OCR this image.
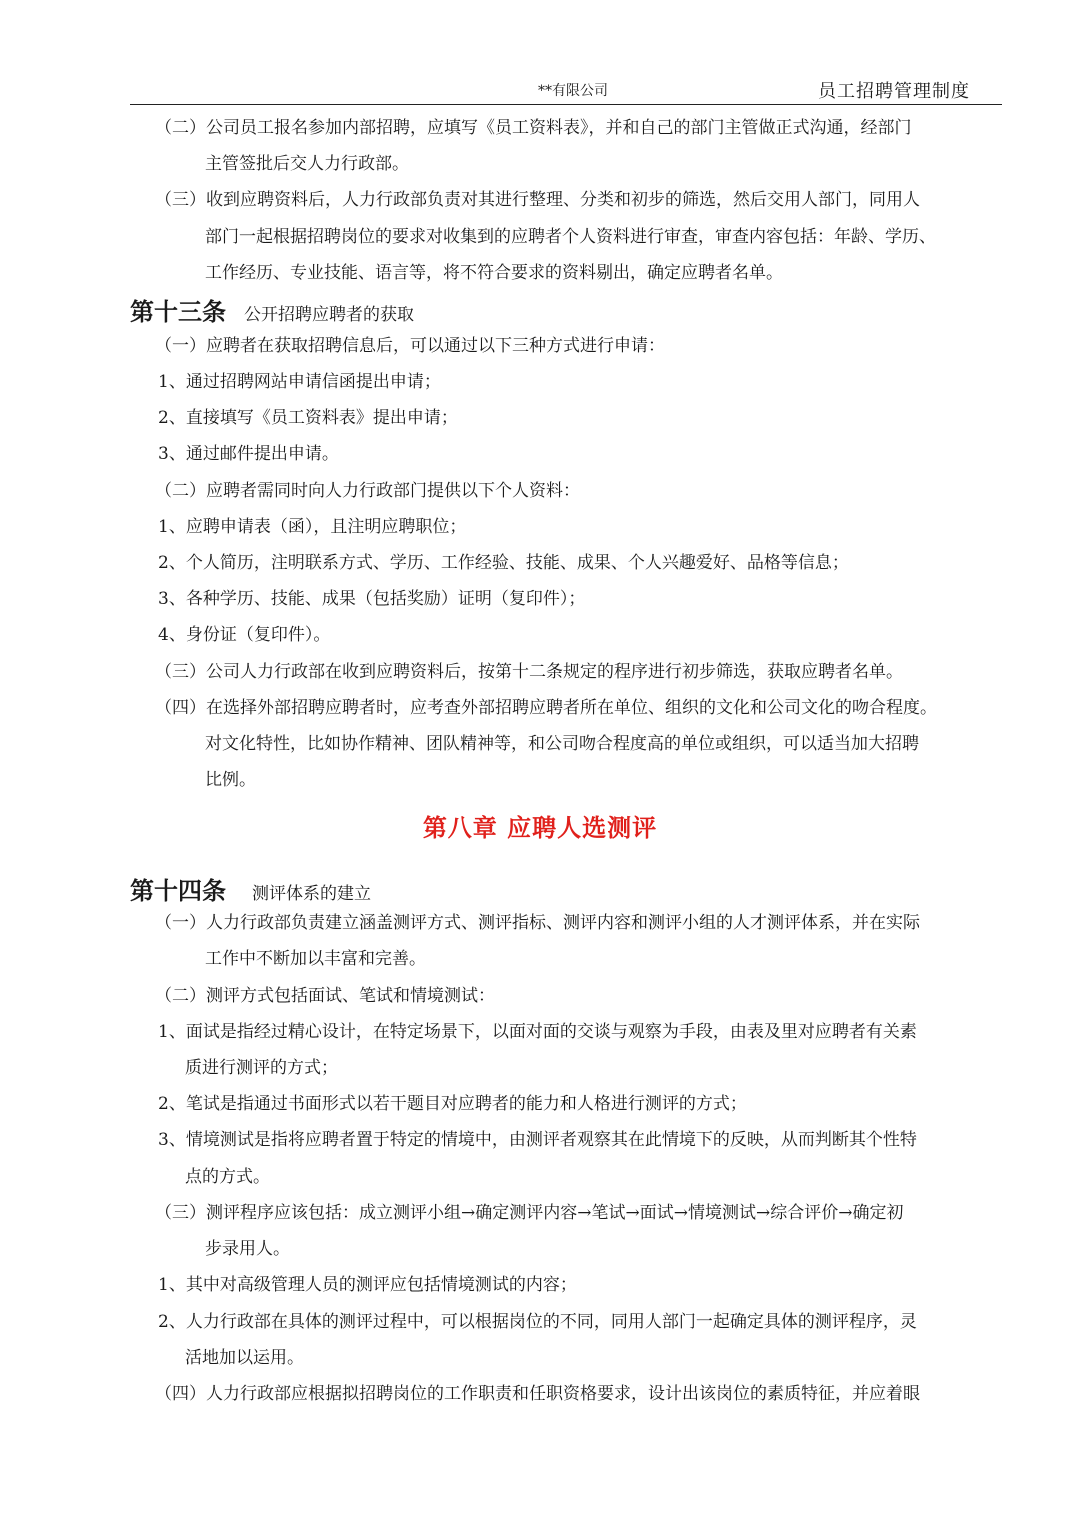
**有限公司	员工招聘管理制度
（二）公司员工报名参加内部招聘，应填写《员工资料表》，并和自己的部门主管做正式沟通，经部门
主管签批后交人力行政部。
（三）收到应聘资料后，人力行政部负责对其进行整理、分类和初步的筛选，然后交用人部门，同用人
部门一起根据招聘岗位的要求对收集到的应聘者个人资料进行审查，审查内容包括：年龄、学历、
工作经历、专业技能、语言等，将不符合要求的资料剔出，确定应聘者名单。
第十三条 公开招聘应聘者的获取
（一）应聘者在获取招聘信息后，可以通过以下三种方式进行申请：
1、通过招聘网站申请信函提出申请；
2、直接填写《员工资料表》提出申请；
3、通过邮件提出申请。
（二）应聘者需同时向人力行政部门提供以下个人资料：
1、应聘申请表（函），且注明应聘职位；
2、个人简历，注明联系方式、学历、工作经验、技能、成果、个人兴趣爱好、品格等信息；
3、各种学历、技能、成果（包括奖励）证明（复印件）；
4、身份证（复印件）。
（三）公司人力行政部在收到应聘资料后，按第十二条规定的程序进行初步筛选，获取应聘者名单。
（四）在选择外部招聘应聘者时，应考查外部招聘应聘者所在单位、组织的文化和公司文化的吻合程度。
对文化特性，比如协作精神、团队精神等，和公司吻合程度高的单位或组织，可以适当加大招聘
比例。
第八章 应聘人选测评
第十四条 测评体系的建立
（一）人力行政部负责建立涵盖测评方式、测评指标、测评内容和测评小组的人才测评体系，并在实际
工作中不断加以丰富和完善。
（二）测评方式包括面试、笔试和情境测试：
1、面试是指经过精心设计，在特定场景下，以面对面的交谈与观察为手段，由表及里对应聘者有关素
质进行测评的方式；
2、笔试是指通过书面形式以若干题目对应聘者的能力和人格进行测评的方式；
3、情境测试是指将应聘者置于特定的情境中，由测评者观察其在此情境下的反映，从而判断其个性特
点的方式。
（三）测评程序应该包括：成立测评小组→确定测评内容→笔试→面试→情境测试→综合评价→确定初
步录用人。
1、其中对高级管理人员的测评应包括情境测试的内容；
2、人力行政部在具体的测评过程中，可以根据岗位的不同，同用人部门一起确定具体的测评程序，灵
活地加以运用。
（四）人力行政部应根据拟招聘岗位的工作职责和任职资格要求，设计出该岗位的素质特征，并应着眼
